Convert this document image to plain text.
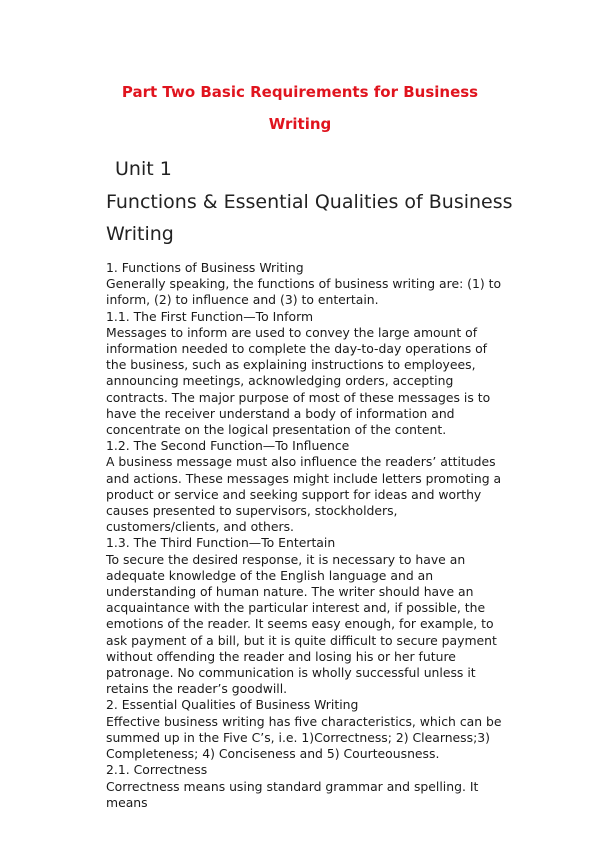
Part Two Basic Requirements for Business
Writing
Unit 1
Functions & Essential Qualities of Business Writing

1. Functions of Business Writing

Generally speaking, the functions of business writing are: (1) to inform, (2) to influence and (3) to entertain.

1.1. The First Function—To Inform

Messages to inform are used to convey the large amount of information needed to complete the day-to-day operations of the business, such as explaining instructions to employees, announcing meetings, acknowledging orders, accepting contracts. The major purpose of most of these messages is to have the receiver understand a body of information and concentrate on the logical presentation of the content.

1.2. The Second Function—To Influence

A business message must also influence the readers’ attitudes and actions. These messages might include letters promoting a product or service and seeking support for ideas and worthy causes presented to supervisors, stockholders, customers/clients, and others.

1.3. The Third Function—To Entertain

To secure the desired response, it is necessary to have an adequate knowledge of the English language and an understanding of human nature. The writer should have an acquaintance with the particular interest and, if possible, the emotions of the reader. It seems easy enough, for example, to ask payment of a bill, but it is quite difficult to secure payment without offending the reader and losing his or her future patronage. No communication is wholly successful unless it retains the reader’s goodwill.

2. Essential Qualities of Business Writing

Effective business writing has five characteristics, which can be summed up in the Five C’s, i.e. 1)Correctness; 2) Clearness;3) Completeness; 4) Conciseness and 5) Courteousness.

2.1. Correctness

Correctness means using standard grammar and spelling. It means
